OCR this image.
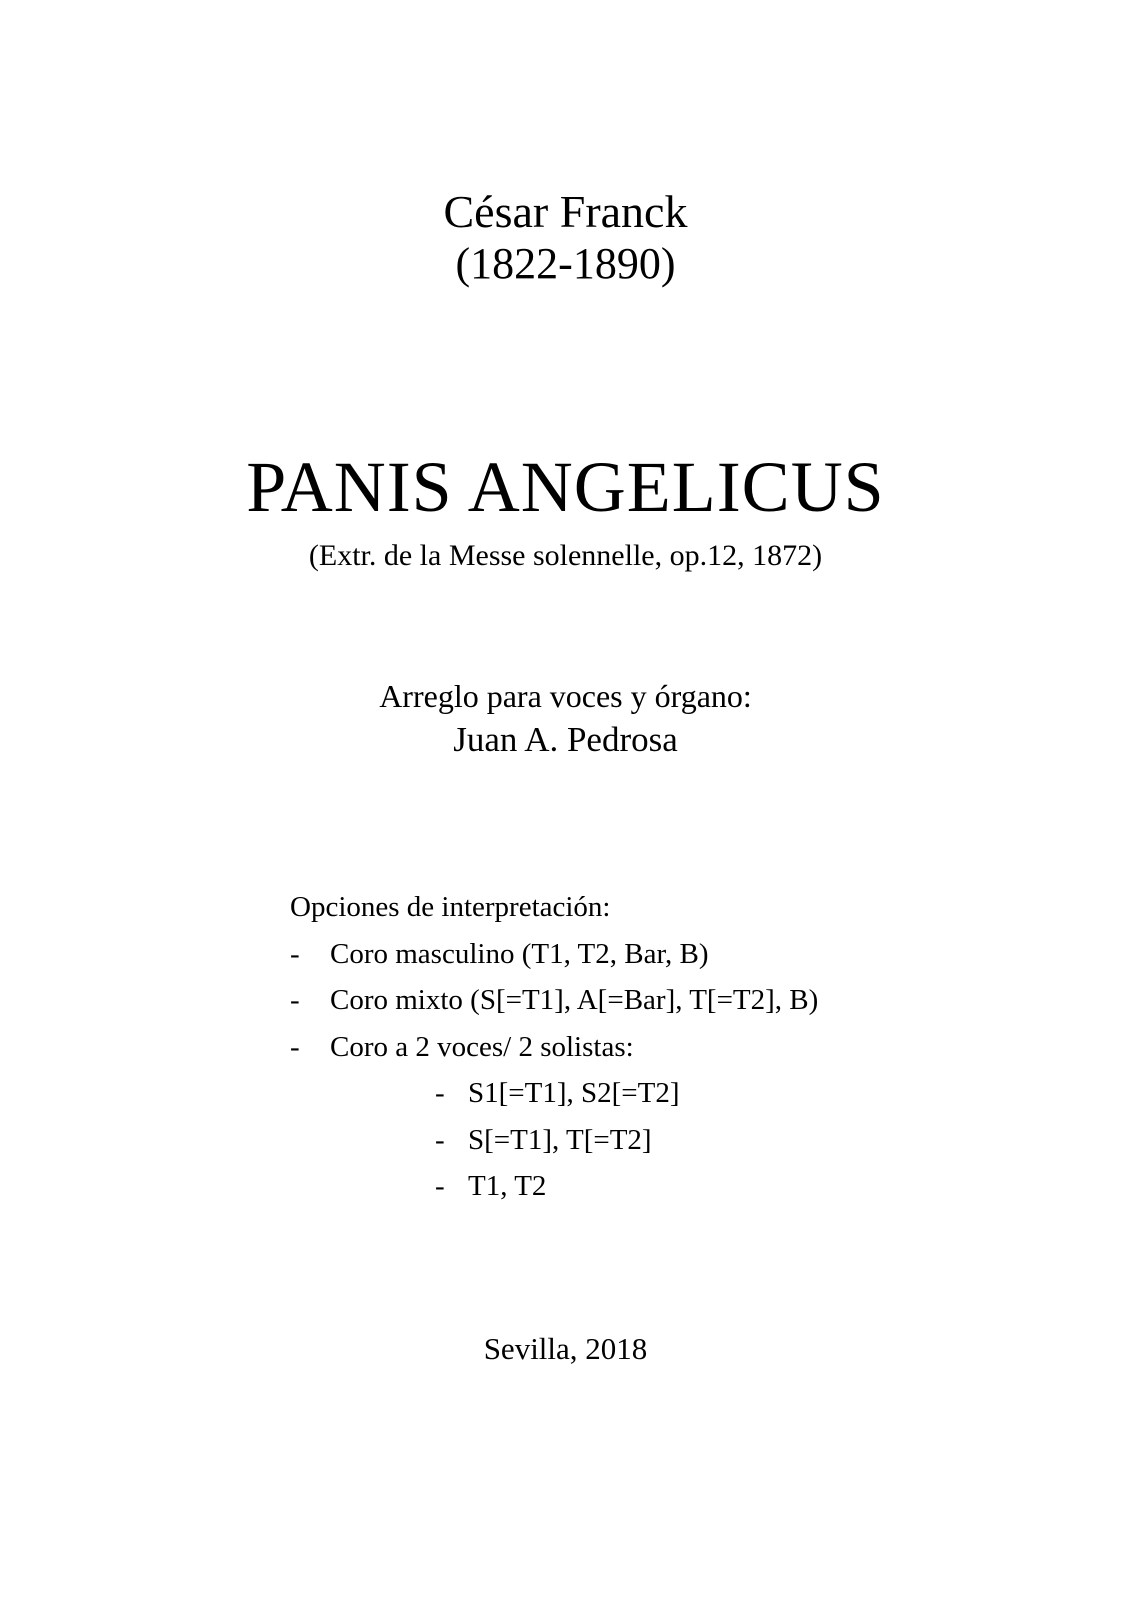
César Franck
(1822-1890)
PANIS ANGELICUS
(Extr. de la Messe solennelle, op.12, 1872)
Arreglo para voces y órgano:
Juan A. Pedrosa
Opciones de interpretación:
-	Coro masculino (T1, T2, Bar, B)
-	Coro mixto (S[=T1], A[=Bar], T[=T2], B)
-	Coro a 2 voces/ 2 solistas:
- S1[=T1], S2[=T2]
- S[=T1], T[=T2]
- T1, T2
Sevilla, 2018
